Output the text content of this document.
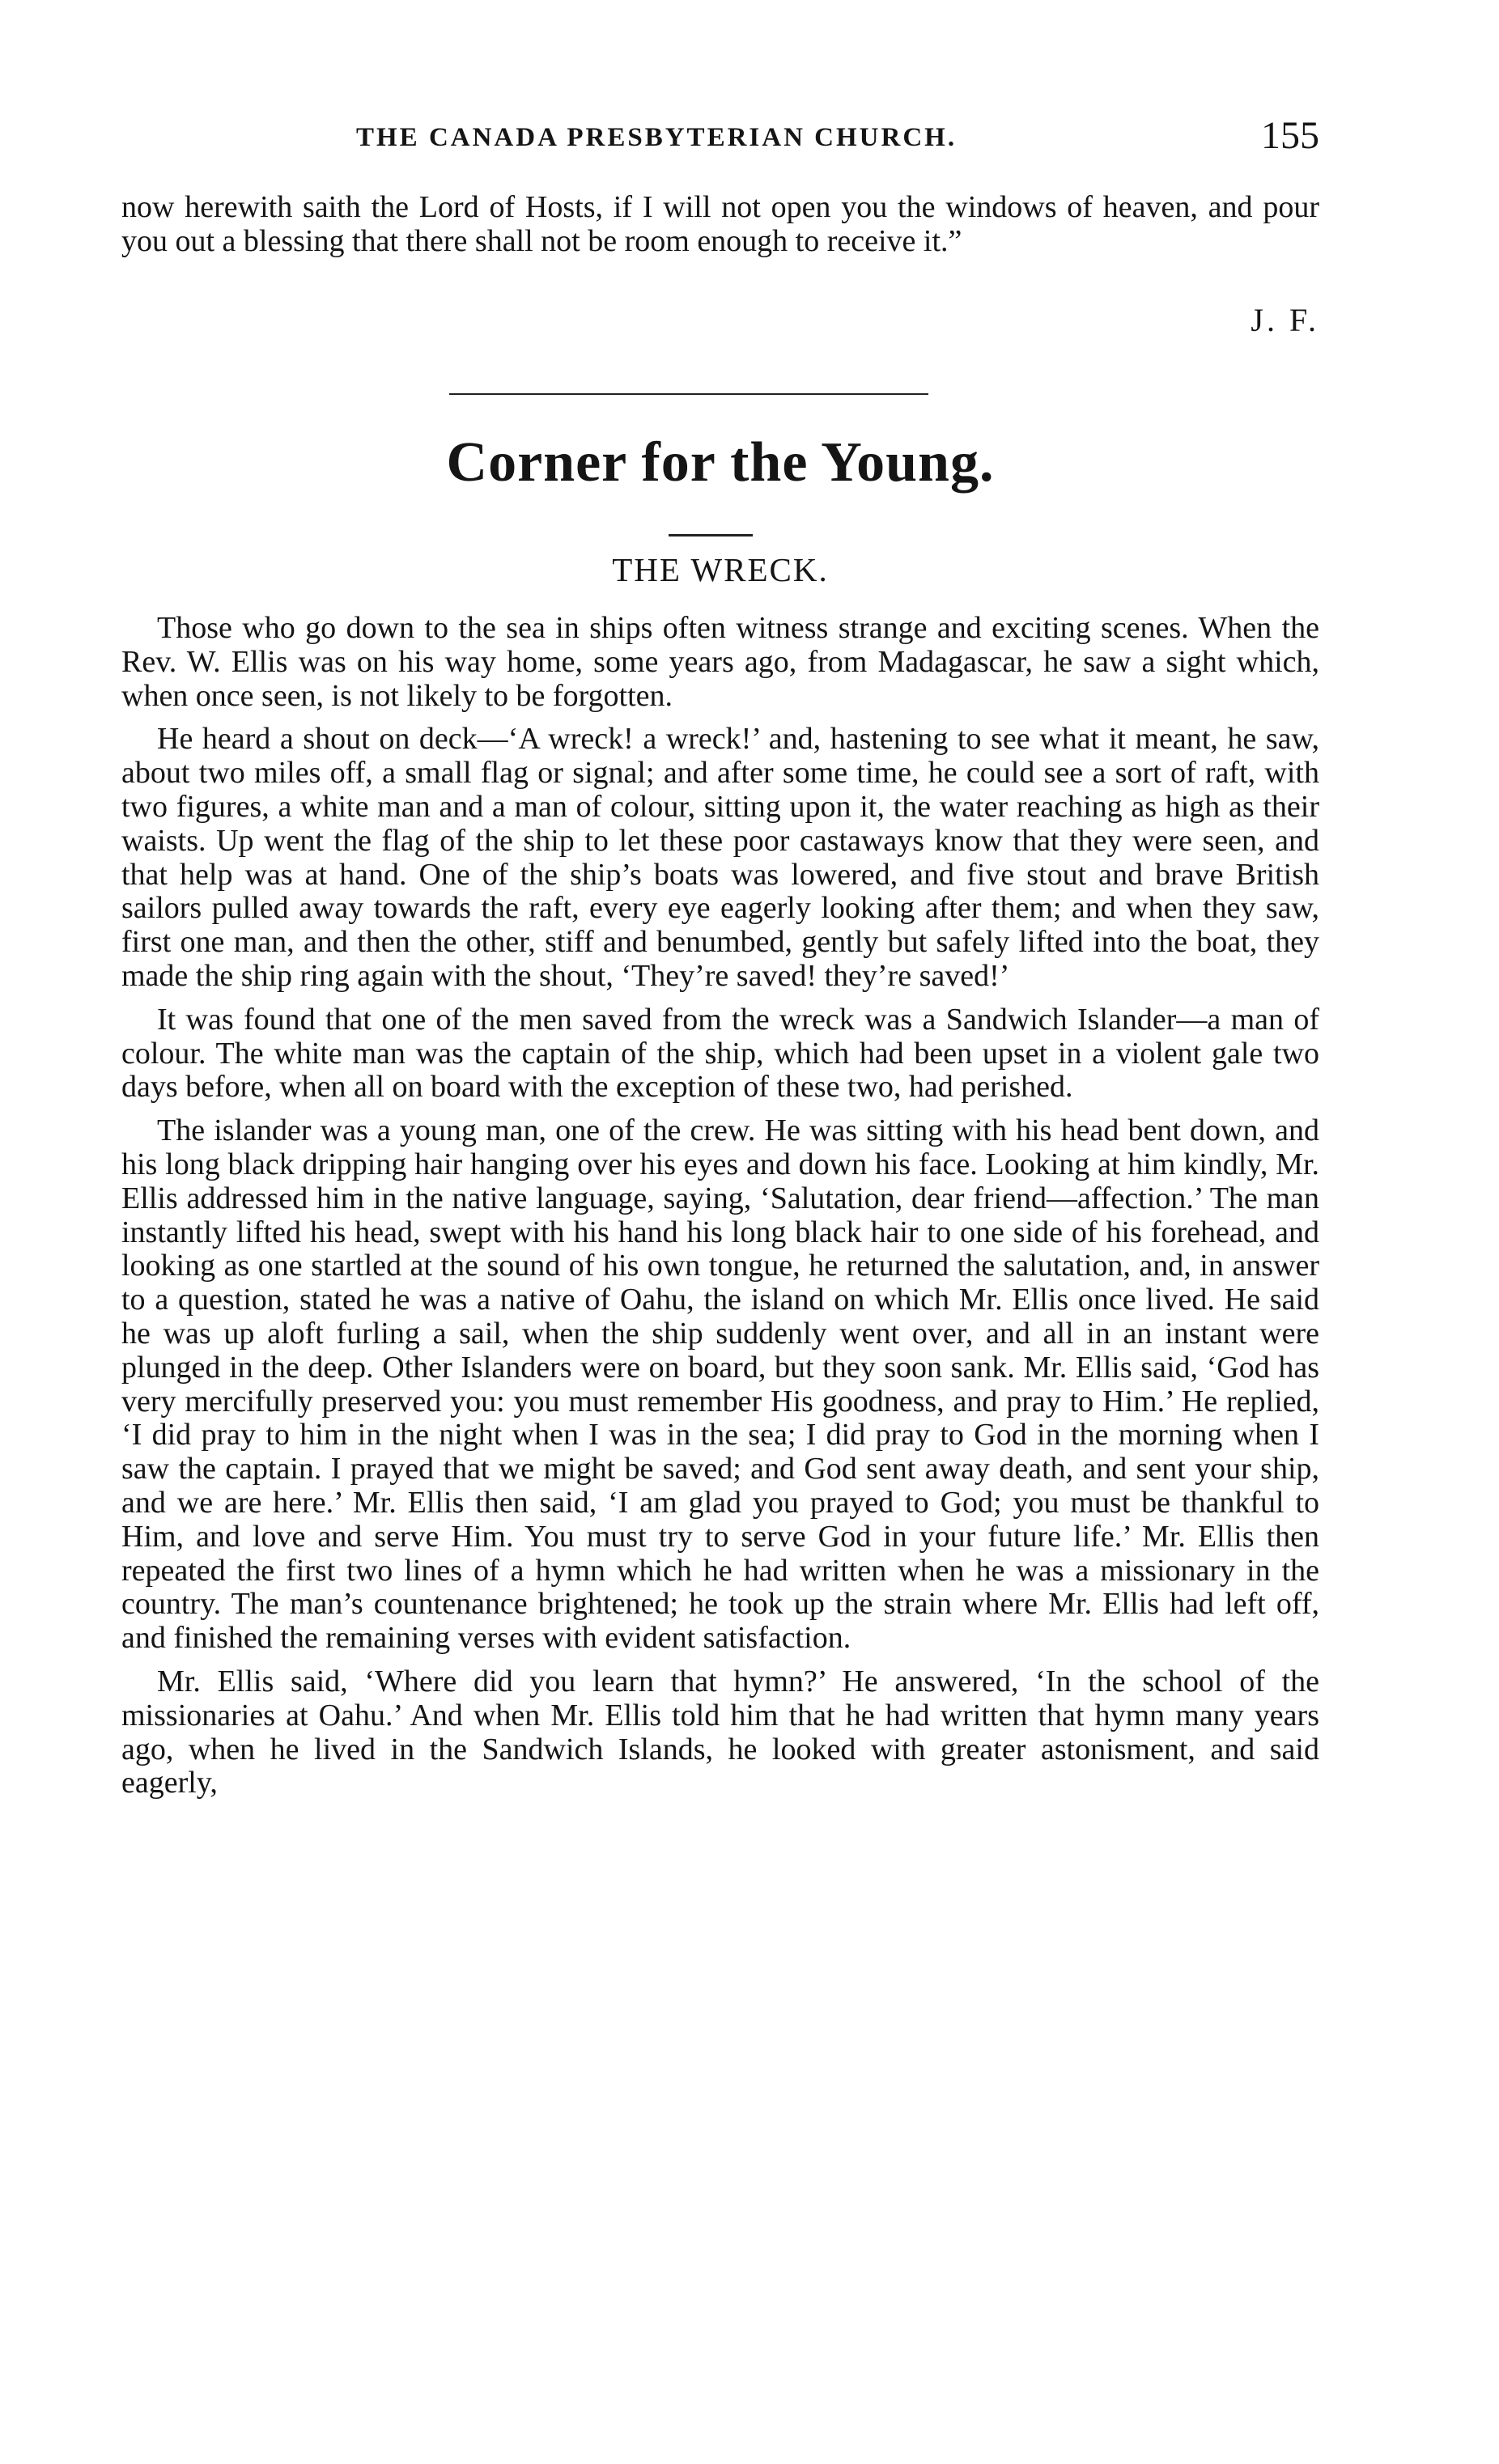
THE CANADA PRESBYTERIAN CHURCH.	155

now herewith saith the Lord of Hosts, if I will not open you the windows of heaven, and pour you out a blessing that there shall not be room enough to receive it.”

J. F.
Corner for the Young.
THE WRECK.

Those who go down to the sea in ships often witness strange and exciting scenes. When the Rev. W. Ellis was on his way home, some years ago, from Madagascar, he saw a sight which, when once seen, is not likely to be forgotten.

He heard a shout on deck—‘A wreck! a wreck!’ and, hastening to see what it meant, he saw, about two miles off, a small flag or signal; and after some time, he could see a sort of raft, with two figures, a white man and a man of colour, sitting upon it, the water reaching as high as their waists. Up went the flag of the ship to let these poor castaways know that they were seen, and that help was at hand. One of the ship’s boats was lowered, and five stout and brave British sailors pulled away towards the raft, every eye eagerly looking after them; and when they saw, first one man, and then the other, stiff and benumbed, gently but safely lifted into the boat, they made the ship ring again with the shout, ‘They’re saved! they’re saved!’

It was found that one of the men saved from the wreck was a Sandwich Islander—a man of colour. The white man was the captain of the ship, which had been upset in a violent gale two days before, when all on board with the exception of these two, had perished.

The islander was a young man, one of the crew. He was sitting with his head bent down, and his long black dripping hair hanging over his eyes and down his face. Looking at him kindly, Mr. Ellis addressed him in the native language, saying, ‘Salutation, dear friend—affection.’ The man instantly lifted his head, swept with his hand his long black hair to one side of his forehead, and looking as one startled at the sound of his own tongue, he returned the salutation, and, in answer to a question, stated he was a native of Oahu, the island on which Mr. Ellis once lived. He said he was up aloft furling a sail, when the ship suddenly went over, and all in an instant were plunged in the deep. Other Islanders were on board, but they soon sank. Mr. Ellis said, ‘God has very mercifully preserved you: you must remember His goodness, and pray to Him.’ He replied, ‘I did pray to him in the night when I was in the sea; I did pray to God in the morning when I saw the captain. I prayed that we might be saved; and God sent away death, and sent your ship, and we are here.’ Mr. Ellis then said, ‘I am glad you prayed to God; you must be thankful to Him, and love and serve Him. You must try to serve God in your future life.’ Mr. Ellis then repeated the first two lines of a hymn which he had written when he was a missionary in the country. The man’s countenance brightened; he took up the strain where Mr. Ellis had left off, and finished the remaining verses with evident satisfaction.

Mr. Ellis said, ‘Where did you learn that hymn?’ He answered, ‘In the school of the missionaries at Oahu.’ And when Mr. Ellis told him that he had written that hymn many years ago, when he lived in the Sandwich Islands, he looked with greater astonisment, and said eagerly,
